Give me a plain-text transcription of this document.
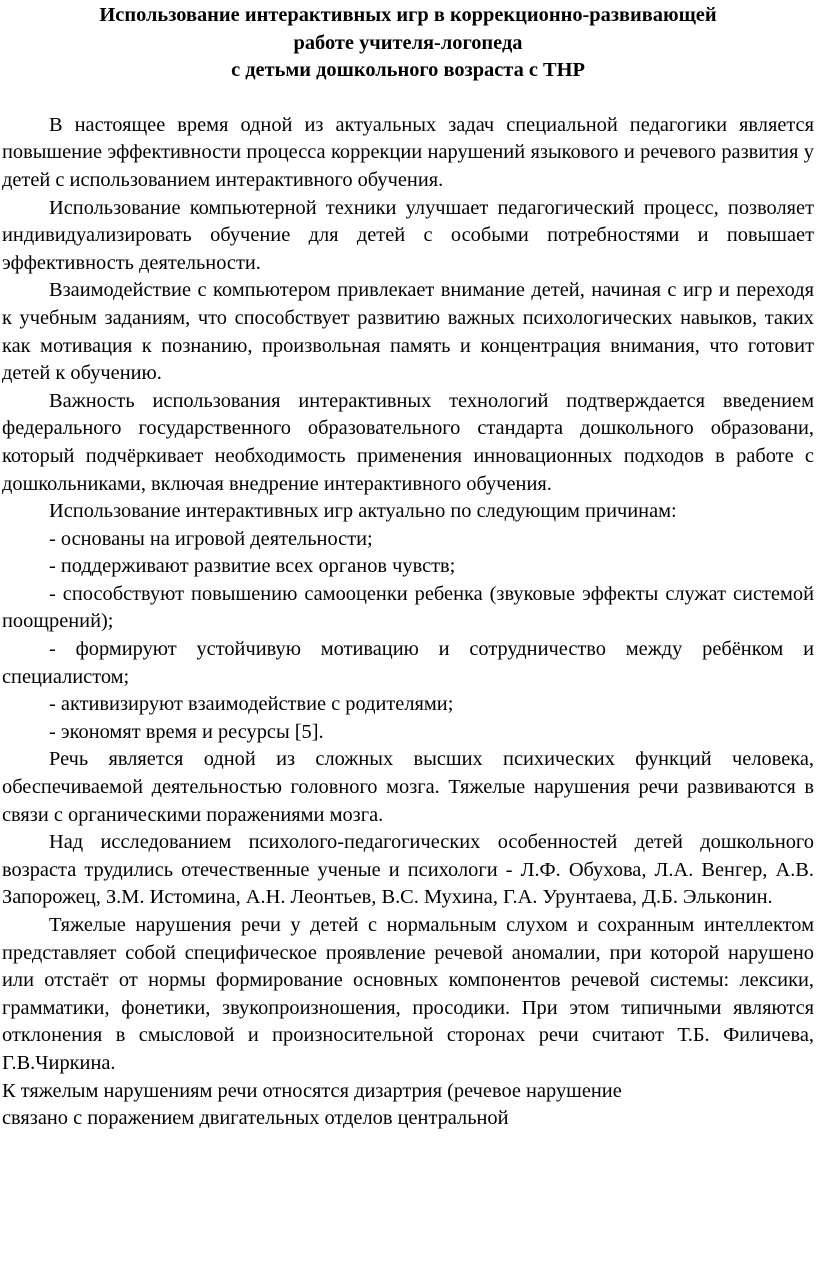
Использование интерактивных игр в коррекционно-развивающей
работе учителя-логопеда
с детьми дошкольного возраста с ТНР

В настоящее время одной из актуальных задач специальной педагогики является повышение эффективности процесса коррекции нарушений языкового и речевого развития у детей с использованием интерактивного обучения.

Использование компьютерной техники улучшает педагогический процесс, позволяет индивидуализировать обучение для детей с особыми потребностями и повышает эффективность деятельности.

Взаимодействие с компьютером привлекает внимание детей, начиная с игр и переходя к учебным заданиям, что способствует развитию важных психологических навыков, таких как мотивация к познанию, произвольная память и концентрация внимания, что готовит детей к обучению.

Важность использования интерактивных технологий подтверждается введением федерального государственного образовательного стандарта дошкольного образовани, который подчёркивает необходимость применения инновационных подходов в работе с дошкольниками, включая внедрение интерактивного обучения.

Использование интерактивных игр актуально по следующим причинам:

- основаны на игровой деятельности;

- поддерживают развитие всех органов чувств;

- способствуют повышению самооценки ребенка (звуковые эффекты служат системой поощрений);

- формируют устойчивую мотивацию и сотрудничество между ребёнком и специалистом;

- активизируют взаимодействие с родителями;

- экономят время и ресурсы [5].

Речь является одной из сложных высших психических функций человека, обеспечиваемой деятельностью головного мозга. Тяжелые нарушения речи развиваются в связи с органическими поражениями мозга.

Над исследованием психолого-педагогических особенностей детей дошкольного возраста трудились отечественные ученые и психологи - Л.Ф. Обухова, Л.А. Венгер, А.В. Запорожец, З.М. Истомина, А.Н. Леонтьев, В.С. Мухина, Г.А. Урунтаева, Д.Б. Эльконин.

Тяжелые нарушения речи у детей с нормальным слухом и сохранным интеллектом представляет собой специфическое проявление речевой аномалии, при которой нарушено или отстаёт от нормы формирование основных компонентов речевой системы: лексики, грамматики, фонетики, звукопроизношения, просодики. При этом типичными являются отклонения в смысловой и произносительной сторонах речи считают Т.Б. Филичева, Г.В.Чиркина.

К тяжелым нарушениям речи относятся дизартрия (речевое нарушение
связано с поражением двигательных отделов центральной
